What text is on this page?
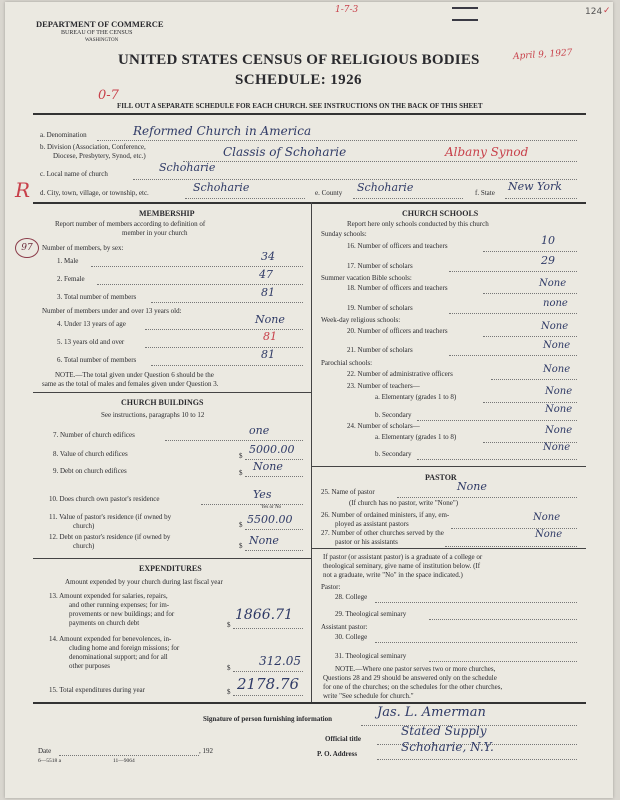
1-7-3	124 ✓
DEPARTMENT OF COMMERCE
BUREAU OF THE CENSUS
WASHINGTON
UNITED STATES CENSUS OF RELIGIOUS BODIES
SCHEDULE: 1926
April 9, 1927
0-7
FILL OUT A SEPARATE SCHEDULE FOR EACH CHURCH. SEE INSTRUCTIONS ON THE BACK OF THIS SHEET
a. Denomination	Reformed Church in America
b. Division (Association, Conference,
Diocese, Presbytery, Synod, etc.)	Classis of Schoharie	Albany Synod
c. Local name of church	Schoharie
R d. City, town, village, or township, etc.	Schoharie	e. County Schoharie	f. State New York
MEMBERSHIP
Report number of members according to definition of
member in your church
97	Number of members, by sex:
1. Male	34
2. Female	47
3. Total number of members	81
Number of members under and over 13 years old:
4. Under 13 years of age	None
5. 13 years old and over	81
6. Total number of members	81
NOTE.—The total given under Question 6 should be the
same as the total of males and females given under Question 3.
CHURCH BUILDINGS
See instructions, paragraphs 10 to 12
7. Number of church edifices	one
8. Value of church edifices	$ 5000.00
9. Debt on church edifices	$ None
10. Does church own pastor's residence	Yes
Yes or No
11. Value of pastor's residence (if owned by
church)	$ 5500.00
12. Debt on pastor's residence (if owned by
church)	$ None
EXPENDITURES
Amount expended by your church during last fiscal year
13. Amount expended for salaries, repairs,
and other running expenses; for im-
provements or new buildings; and for
payments on church debt	$
1866.71
14. Amount expended for benevolences, in-
cluding home and foreign missions; for
denominational support; and for all
other purposes	$ 312.05
15. Total expenditures during year	$ 2178.76
CHURCH SCHOOLS
Report here only schools conducted by this church
Sunday schools:
16. Number of officers and teachers	10
17. Number of scholars	29
Summer vacation Bible schools:
18. Number of officers and teachers	None
19. Number of scholars	none
Week-day religious schools:
20. Number of officers and teachers	None
21. Number of scholars	None
Parochial schools:
22. Number of administrative officers	None
23. Number of teachers—
a. Elementary (grades 1 to 8)	None
b. Secondary	None
24. Number of scholars—
a. Elementary (grades 1 to 8)
None
b. Secondary
None
PASTOR
25. Name of pastor	None
(If church has no pastor, write "None")
26. Number of ordained ministers, if any, em-
ployed as assistant pastors
None
27. Number of other churches served by the
pastor or his assistants
None
If pastor (or assistant pastor) is a graduate of a college or
theological seminary, give name of institution below. (If
not a graduate, write "No" in the space indicated.)
Pastor:
28. College
29. Theological seminary
Assistant pastor:
30. College
31. Theological seminary
NOTE.—Where one pastor serves two or more churches,
Questions 28 and 29 should be answered only on the schedule
for one of the churches; on the schedules for the other churches,
write "See schedule for church."
Signature of person furnishing information	Jas. L. Amerman
Official title
Stated Supply
Date	, 192	P. O. Address	Schoharie, N.Y.
6—5518 a	11—9064
